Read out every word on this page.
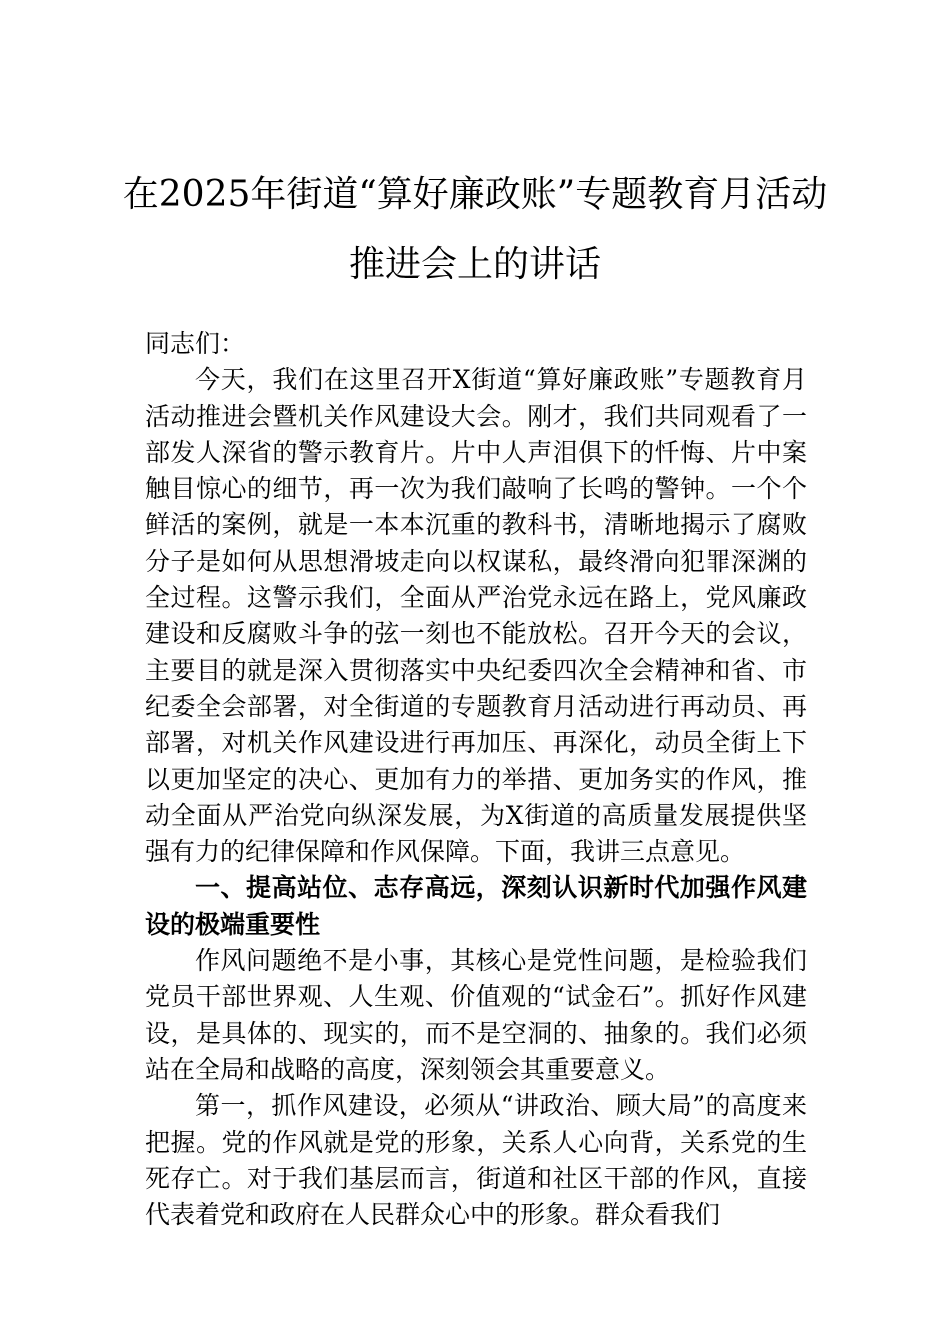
在2025年街道“算好廉政账”专题教育月活动推进会上的讲话

同志们：

今天，我们在这里召开X街道“算好廉政账”专题教育月活动推进会暨机关作风建设大会。刚才，我们共同观看了一部发人深省的警示教育片。片中人声泪俱下的忏悔、片中案触目惊心的细节，再一次为我们敲响了长鸣的警钟。一个个鲜活的案例，就是一本本沉重的教科书，清晰地揭示了腐败分子是如何从思想滑坡走向以权谋私，最终滑向犯罪深渊的全过程。这警示我们，全面从严治党永远在路上，党风廉政建设和反腐败斗争的弦一刻也不能放松。召开今天的会议，主要目的就是深入贯彻落实中央纪委四次全会精神和省、市纪委全会部署，对全街道的专题教育月活动进行再动员、再部署，对机关作风建设进行再加压、再深化，动员全街上下以更加坚定的决心、更加有力的举措、更加务实的作风，推动全面从严治党向纵深发展，为X街道的高质量发展提供坚强有力的纪律保障和作风保障。下面，我讲三点意见。

一、提高站位、志存高远，深刻认识新时代加强作风建设的极端重要性

作风问题绝不是小事，其核心是党性问题，是检验我们党员干部世界观、人生观、价值观的“试金石”。抓好作风建设，是具体的、现实的，而不是空洞的、抽象的。我们必须站在全局和战略的高度，深刻领会其重要意义。

第一，抓作风建设，必须从“讲政治、顾大局”的高度来把握。党的作风就是党的形象，关系人心向背，关系党的生死存亡。对于我们基层而言，街道和社区干部的作风，直接代表着党和政府在人民群众心中的形象。群众看我们
